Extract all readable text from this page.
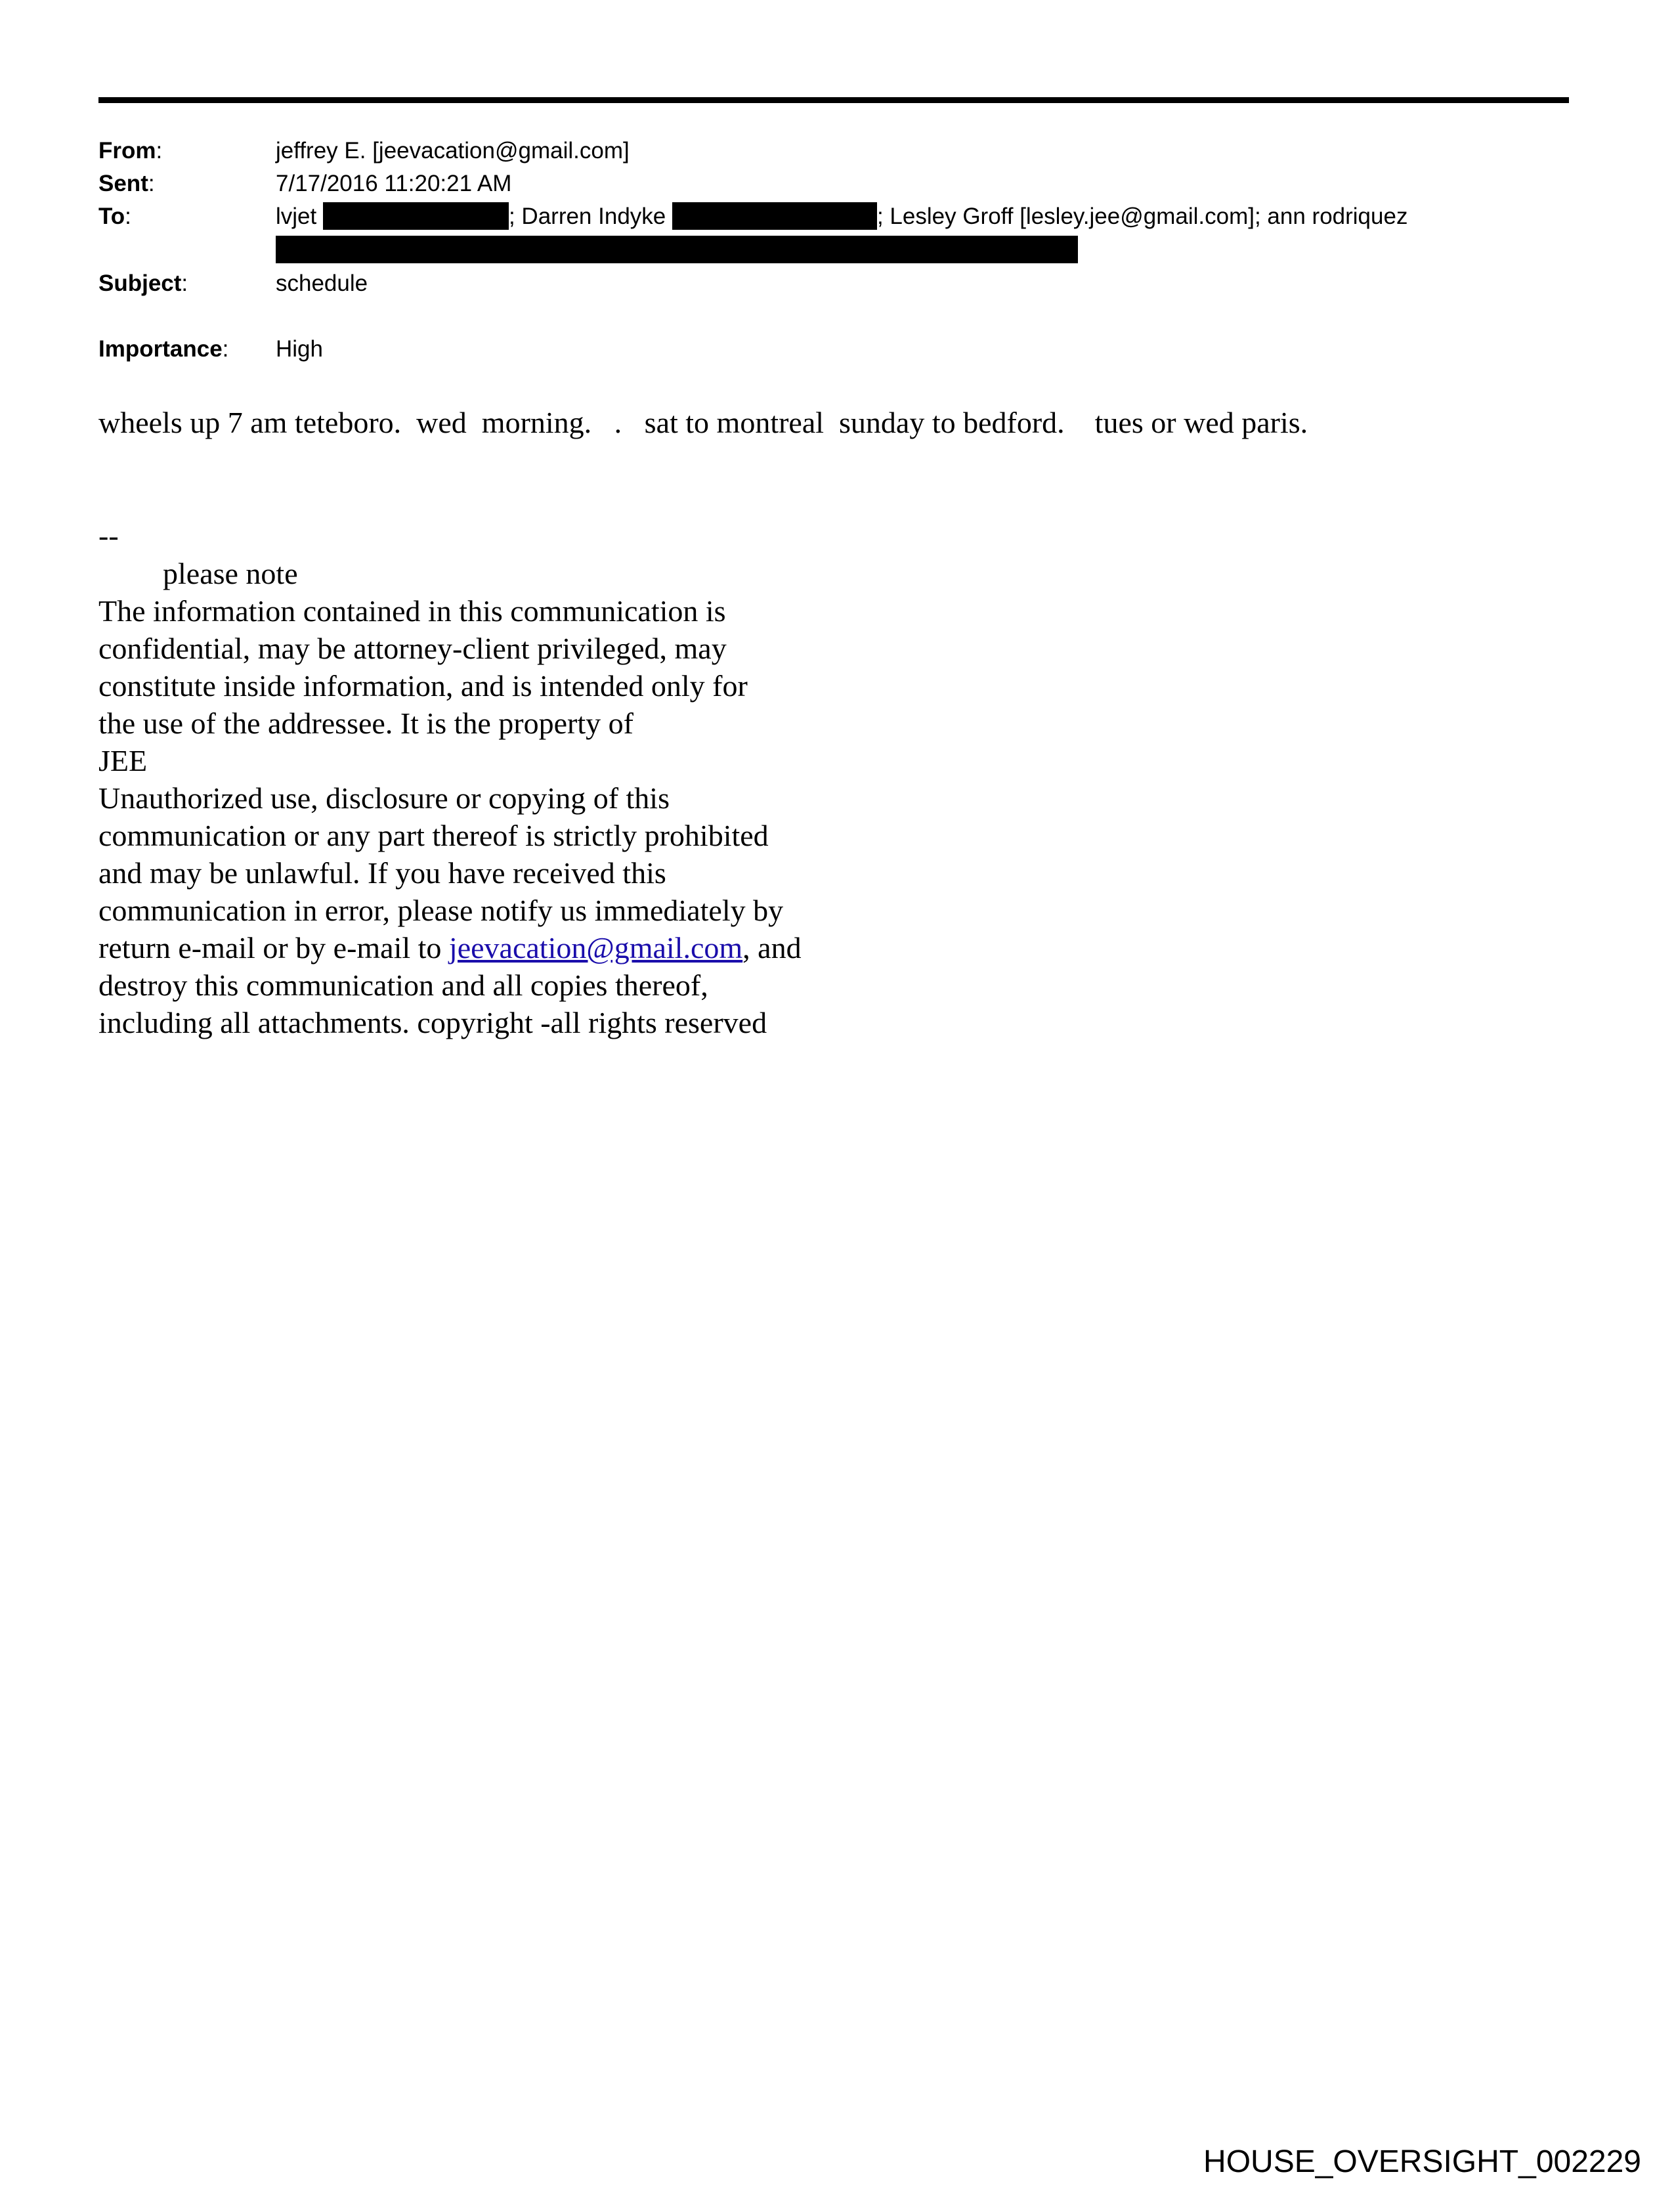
From:	jeffrey E. [jeevacation@gmail.com]
Sent:	7/17/2016 11:20:21 AM
To:	lvjet	; Darren Indyke	; Lesley Groff [lesley.jee@gmail.com]; ann rodriquez
Subject:	schedule
Importance: High
wheels up 7 am teteboro.  wed  morning.   .   sat to montreal  sunday to bedford.    tues or wed paris.
--
please note
The information contained in this communication is
confidential, may be attorney-client privileged, may
constitute inside information, and is intended only for
the use of the addressee. It is the property of
JEE
Unauthorized use, disclosure or copying of this
communication or any part thereof is strictly prohibited
and may be unlawful. If you have received this
communication in error, please notify us immediately by
return e-mail or by e-mail to jeevacation@gmail.com, and
destroy this communication and all copies thereof,
including all attachments. copyright -all rights reserved
HOUSE_OVERSIGHT_002229
